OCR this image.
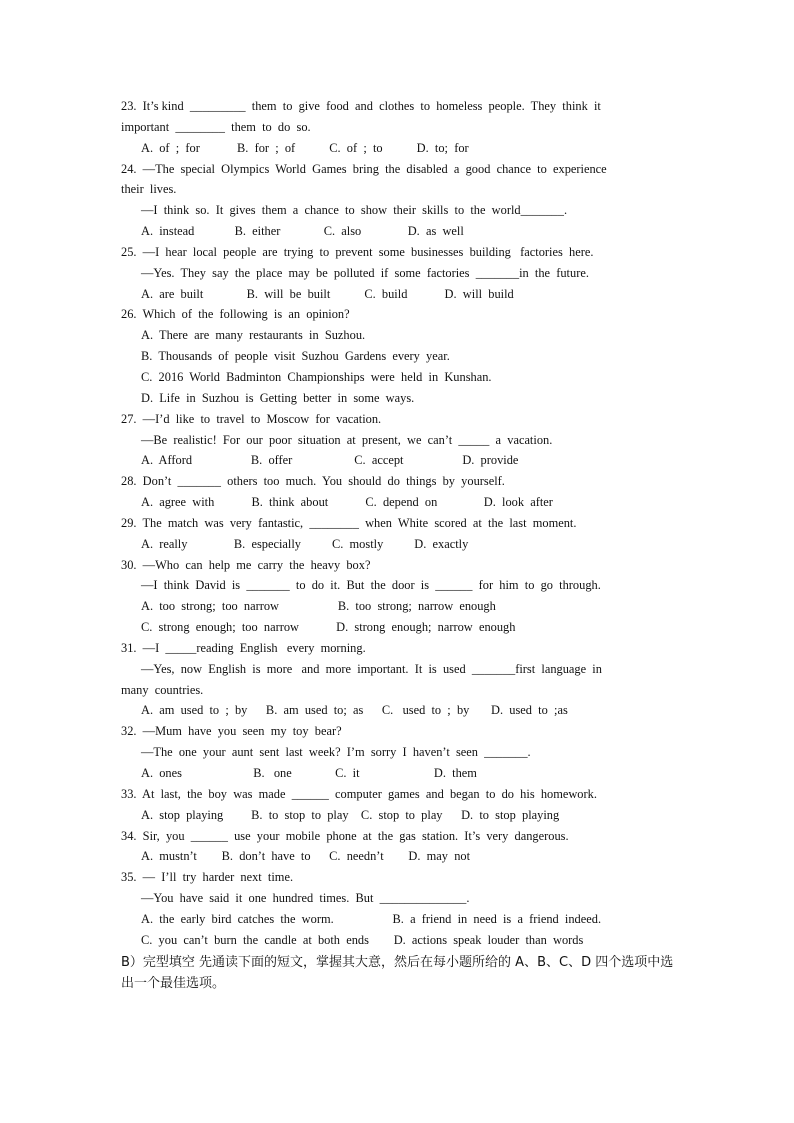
23.  It’s kind  _________  them  to  give  food  and  clothes  to  homeless  people.  They  think  it
important  ________  them  to  do  so.
A.  of  ;  for            B.  for  ;  of           C.  of  ;  to           D.  to;  for
24.  —The  special  Olympics  World  Games  bring  the  disabled  a  good  chance  to  experience
their  lives.
—I  think  so.  It  gives  them  a  chance  to  show  their  skills  to  the  world_______.
A.  instead             B.  either              C.  also               D.  as  well
25.  —I  hear  local  people  are  trying  to  prevent  some  businesses  building   factories  here.
—Yes.  They  say  the  place  may  be  polluted  if  some  factories  _______in  the  future.
A.  are  built              B.  will  be  built           C.  build            D.  will  build
26.  Which  of  the  following  is  an  opinion?
A.  There  are  many  restaurants  in  Suzhou.
B.  Thousands  of  people  visit  Suzhou  Gardens  every  year.
C.  2016  World  Badminton  Championships  were  held  in  Kunshan.
D.  Life  in  Suzhou  is  Getting  better  in  some  ways.
27.  —I’d  like  to  travel  to  Moscow  for  vacation.
—Be  realistic!  For  our  poor  situation  at  present,  we  can’t  _____  a  vacation.
A.  Afford                   B.  offer                    C.  accept                   D.  provide
28.  Don’t  _______  others  too  much.  You  should  do  things  by  yourself.
A.  agree  with            B.  think  about            C.  depend  on               D.  look  after
29.  The  match  was  very  fantastic,  ________  when  White  scored  at  the  last  moment.
A.  really               B.  especially          C.  mostly          D.  exactly
30.  —Who  can  help  me  carry  the  heavy  box?
—I  think  David  is  _______  to  do  it.  But  the  door  is  ______  for  him  to  go  through.
A.  too  strong;  too  narrow                   B.  too  strong;  narrow  enough
C.  strong  enough;  too  narrow            D.  strong  enough;  narrow  enough
31.  —I  _____reading  English   every  morning.
—Yes,  now  English  is  more   and  more  important.  It  is  used  _______first  language  in
many  countries.
A.  am  used  to  ;  by      B.  am  used  to;  as      C.   used  to  ;  by       D.  used  to  ;as
32.  —Mum  have  you  seen  my  toy  bear?
—The  one  your  aunt  sent  last  week?  I’m  sorry  I  haven’t  seen  _______.
A.  ones                       B.   one              C.  it                        D.  them
33.  At  last,  the  boy  was  made  ______  computer  games  and  began  to  do  his  homework.
A.  stop  playing         B.  to  stop  to  play    C.  stop  to  play      D.  to  stop  playing
34.  Sir,  you  ______  use  your  mobile  phone  at  the  gas  station.  It’s  very  dangerous.
A.  mustn’t        B.  don’t  have  to      C.  needn’t        D.  may  not
35.  —  I’ll  try  harder  next  time.
—You  have  said  it  one  hundred  times.  But  ______________.
A.  the  early  bird  catches  the  worm.                   B.  a  friend  in  need  is  a  friend  indeed.
C.  you  can’t  burn  the  candle  at  both  ends        D.  actions  speak  louder  than  words
B）完型填空 先通读下面的短文，掌握其大意，然后在每小题所给的 A、B、C、D 四个选项中选出一个最佳选项。
